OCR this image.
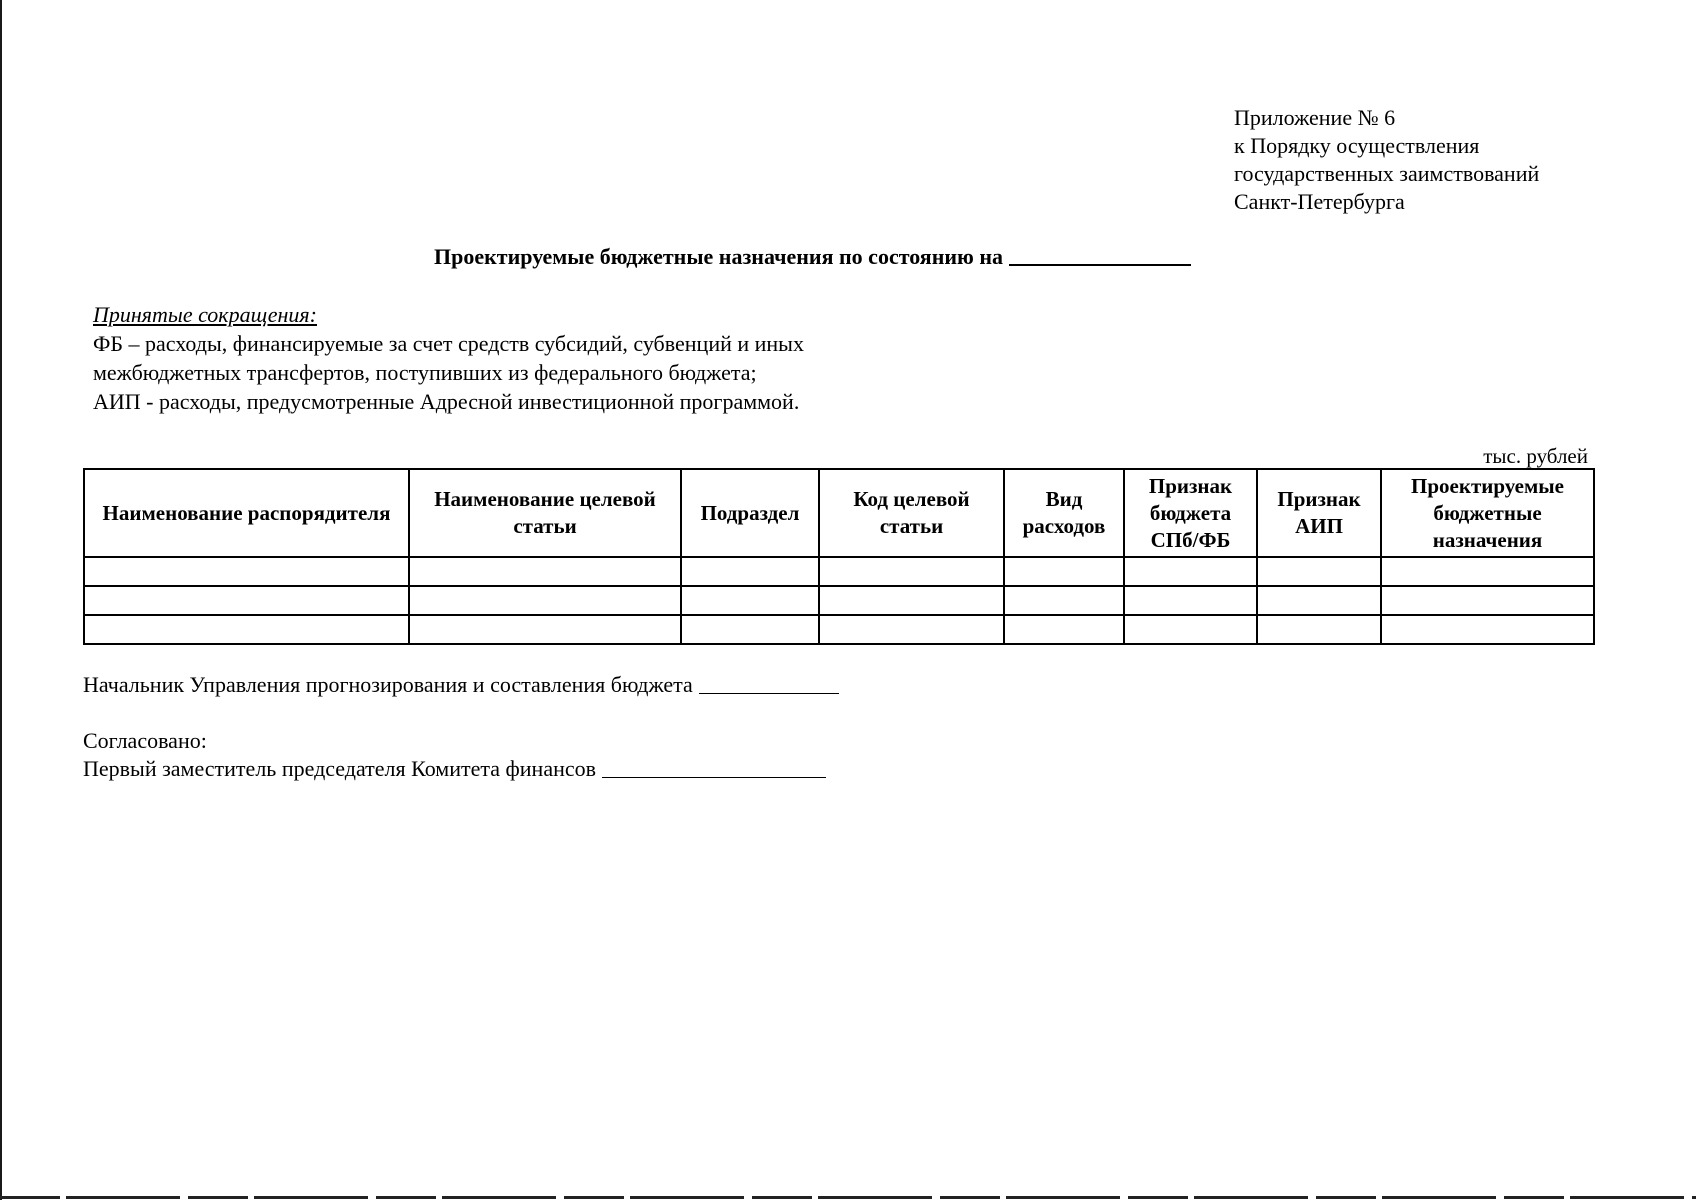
Приложение № 6
к Порядку осуществления
государственных заимствований
Санкт-Петербурга
Проектируемые бюджетные назначения по состоянию на
Принятые сокращения:
ФБ – расходы, финансируемые за счет средств субсидий, субвенций и иных
межбюджетных трансфертов, поступивших из федерального бюджета;
АИП - расходы, предусмотренные Адресной инвестиционной программой.
тыс. рублей
Наименование распорядителя	Наименование целевой статьи	Подраздел	Код целевой статьи	Вид расходов	Признак бюджета СПб/ФБ	Признак АИП	Проектируемые бюджетные назначения

Начальник Управления прогнозирования и составления бюджета
Согласовано:
Первый заместитель председателя Комитета финансов
